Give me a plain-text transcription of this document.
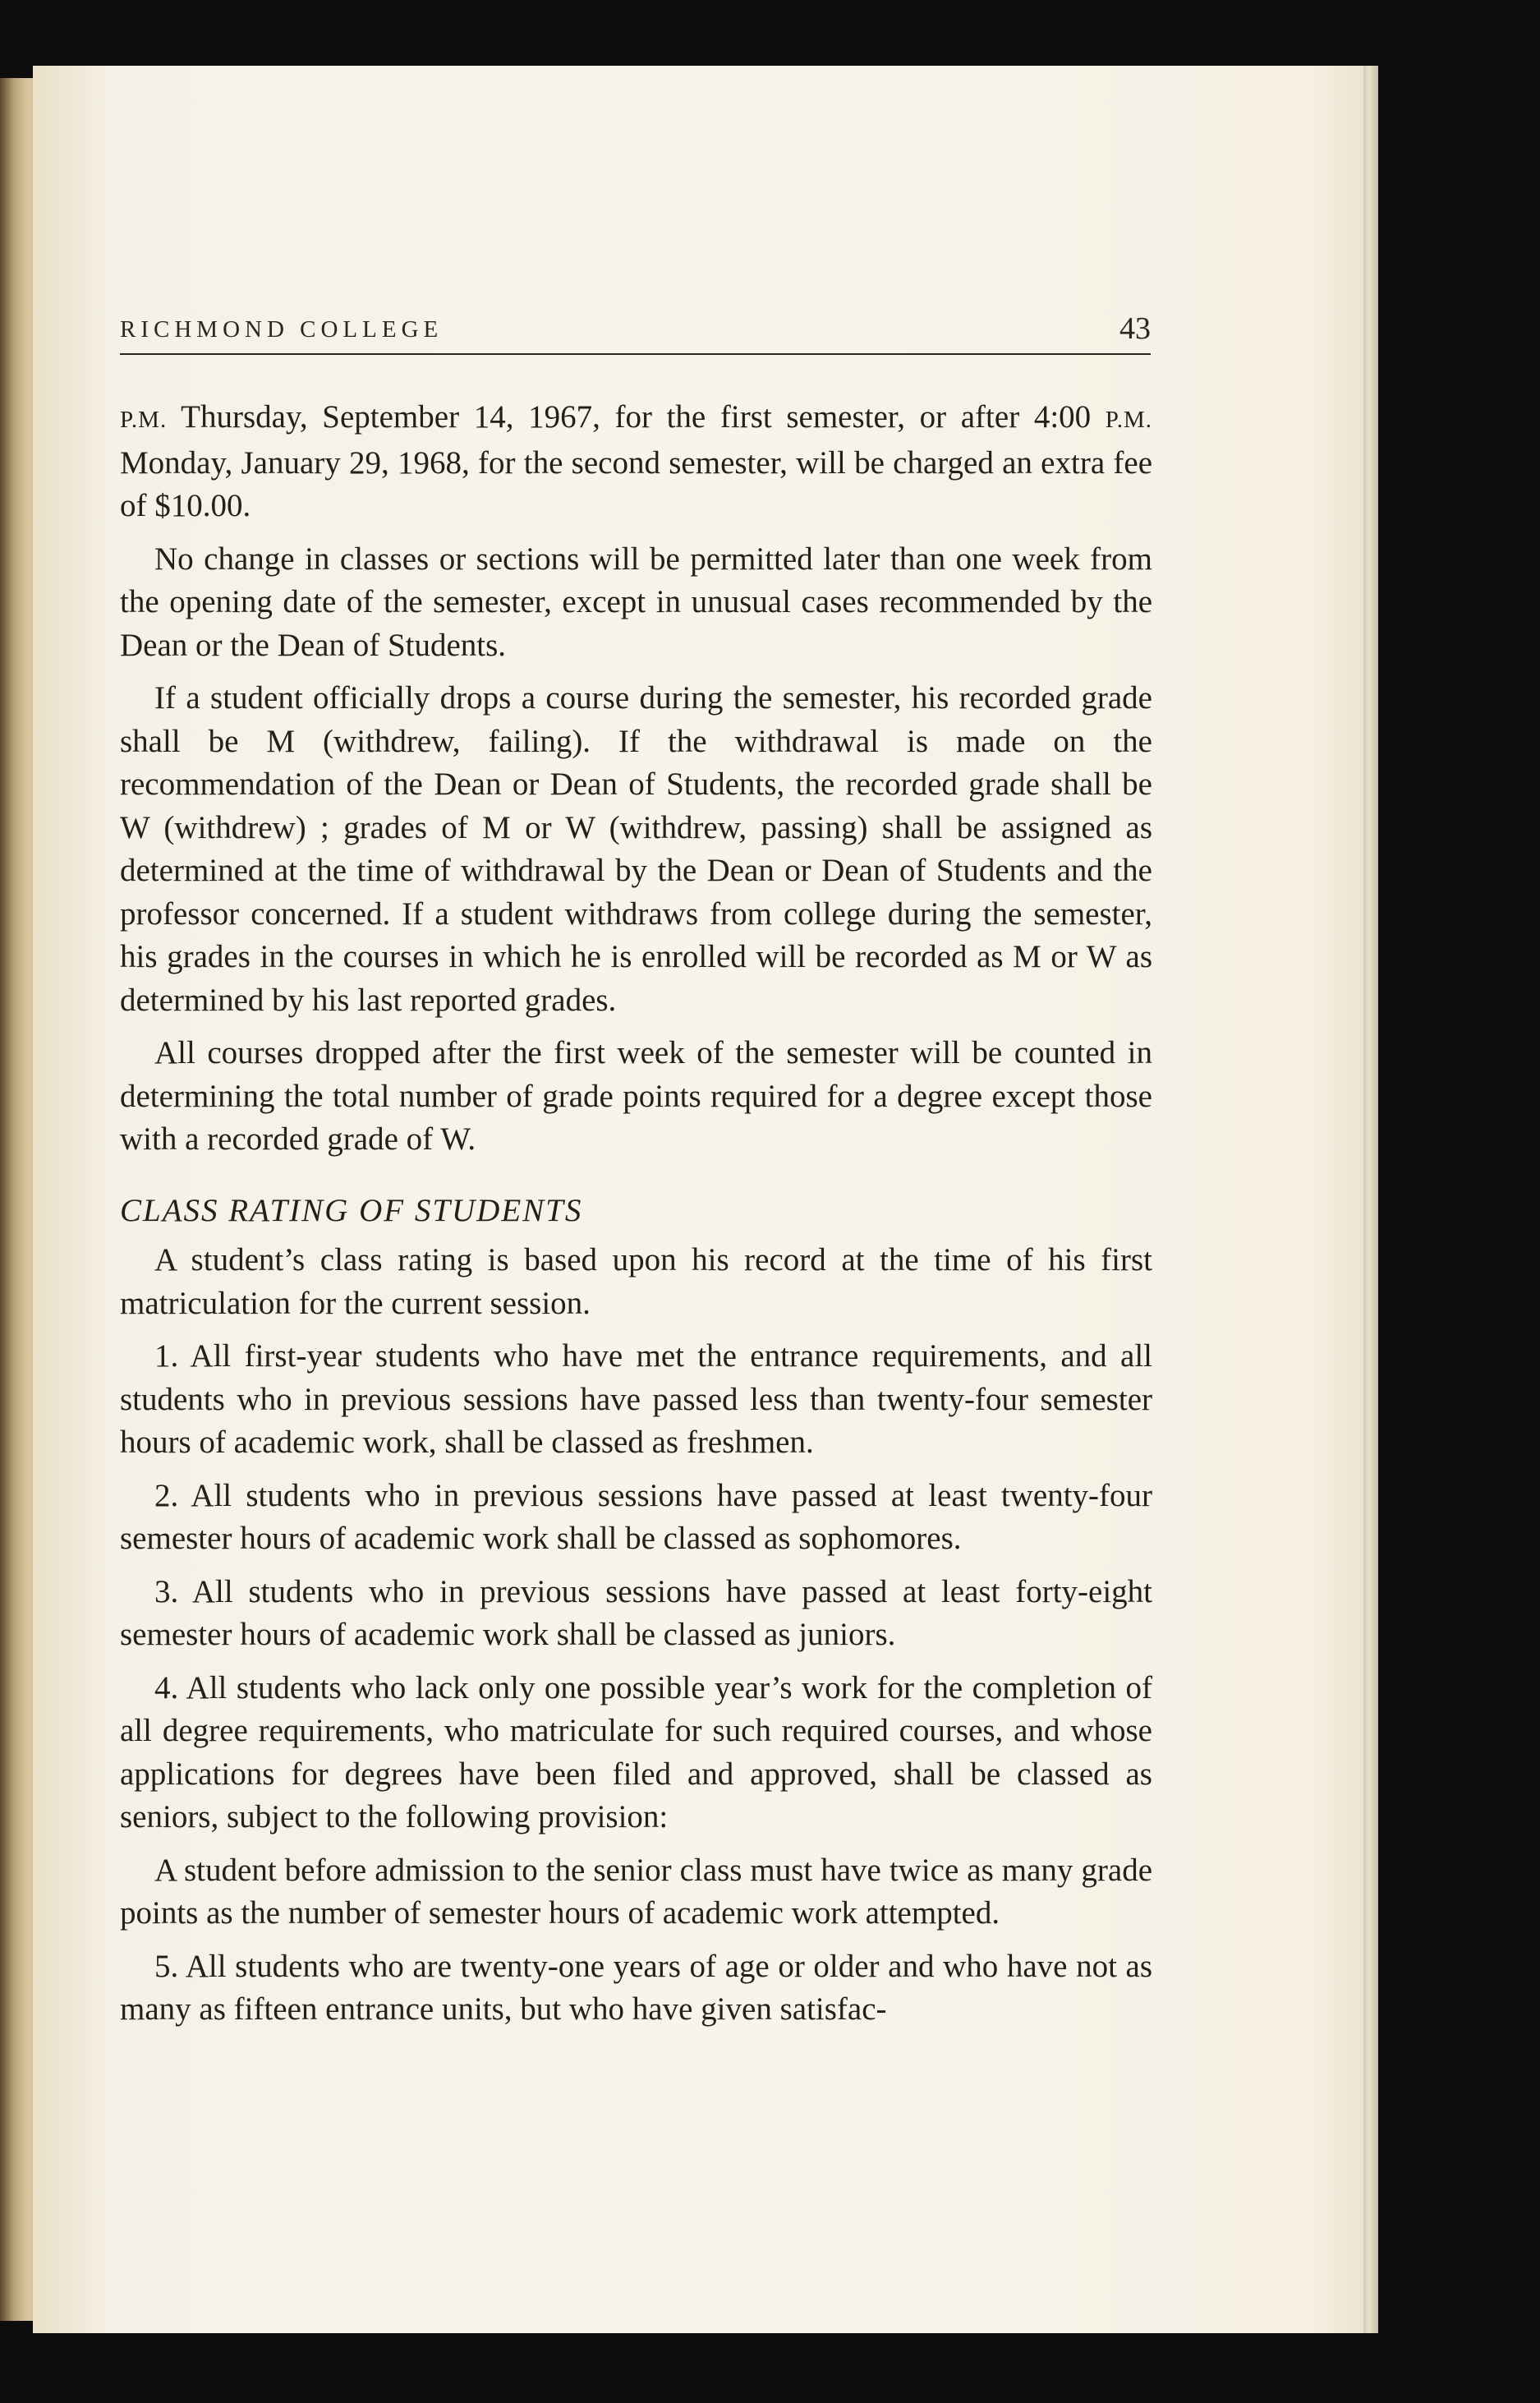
RICHMOND COLLEGE	43

P.M. Thursday, September 14, 1967, for the first semester, or after 4:00 P.M. Monday, January 29, 1968, for the second semester, will be charged an extra fee of $10.00.

No change in classes or sections will be permitted later than one week from the opening date of the semester, except in unusual cases recommended by the Dean or the Dean of Students.

If a student officially drops a course during the semester, his recorded grade shall be M (withdrew, failing). If the withdrawal is made on the recommendation of the Dean or Dean of Students, the recorded grade shall be W (withdrew) ; grades of M or W (withdrew, passing) shall be assigned as determined at the time of withdrawal by the Dean or Dean of Students and the professor concerned. If a student withdraws from college during the semester, his grades in the courses in which he is enrolled will be recorded as M or W as determined by his last reported grades.

All courses dropped after the first week of the semester will be counted in determining the total number of grade points required for a degree except those with a recorded grade of W.

CLASS RATING OF STUDENTS

A student’s class rating is based upon his record at the time of his first matriculation for the current session.

1. All first-year students who have met the entrance requirements, and all students who in previous sessions have passed less than twenty-four semester hours of academic work, shall be classed as freshmen.

2. All students who in previous sessions have passed at least twenty-four semester hours of academic work shall be classed as sophomores.

3. All students who in previous sessions have passed at least forty-eight semester hours of academic work shall be classed as juniors.

4. All students who lack only one possible year’s work for the completion of all degree requirements, who matriculate for such required courses, and whose applications for degrees have been filed and approved, shall be classed as seniors, subject to the following provision:

A student before admission to the senior class must have twice as many grade points as the number of semester hours of academic work attempted.

5. All students who are twenty-one years of age or older and who have not as many as fifteen entrance units, but who have given satisfac-
